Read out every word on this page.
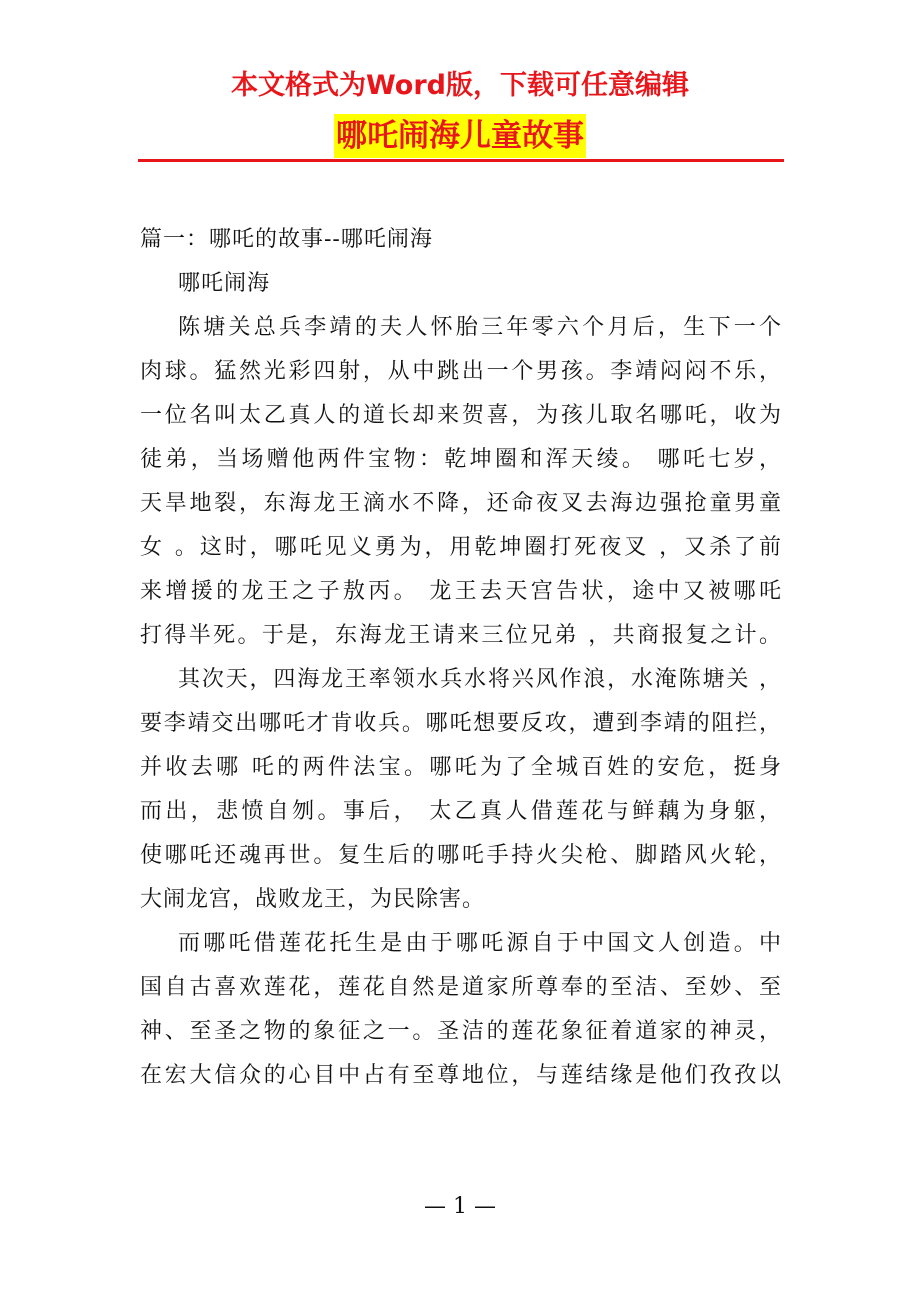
本文格式为Word版，下载可任意编辑
哪吒闹海儿童故事
篇一：哪吒的故事--哪吒闹海
哪吒闹海
陈塘关总兵李靖的夫人怀胎三年零六个月后，生下一个
肉球。猛然光彩四射，从中跳出一个男孩。李靖闷闷不乐，
一位名叫太乙真人的道长却来贺喜，为孩儿取名哪吒，收为
徒弟，当场赠他两件宝物：乾坤圈和浑天绫。 哪吒七岁，
天旱地裂，东海龙王滴水不降，还命夜叉去海边强抢童男童
女 。这时，哪吒见义勇为，用乾坤圈打死夜叉 ，又杀了前
来增援的龙王之子敖丙。 龙王去天宫告状，途中又被哪吒
打得半死。于是，东海龙王请来三位兄弟 ，共商报复之计。
其次天，四海龙王率领水兵水将兴风作浪，水淹陈塘关 ，
要李靖交出哪吒才肯收兵。哪吒想要反攻，遭到李靖的阻拦，
并收去哪 吒的两件法宝。哪吒为了全城百姓的安危，挺身
而出，悲愤自刎。事后， 太乙真人借莲花与鲜藕为身躯，
使哪吒还魂再世。复生后的哪吒手持火尖枪、脚踏风火轮，
大闹龙宫，战败龙王，为民除害。
而哪吒借莲花托生是由于哪吒源自于中国文人创造。中
国自古喜欢莲花，莲花自然是道家所尊奉的至洁、至妙、至
神、至圣之物的象征之一。圣洁的莲花象征着道家的神灵，
在宏大信众的心目中占有至尊地位，与莲结缘是他们孜孜以
— 1 —
